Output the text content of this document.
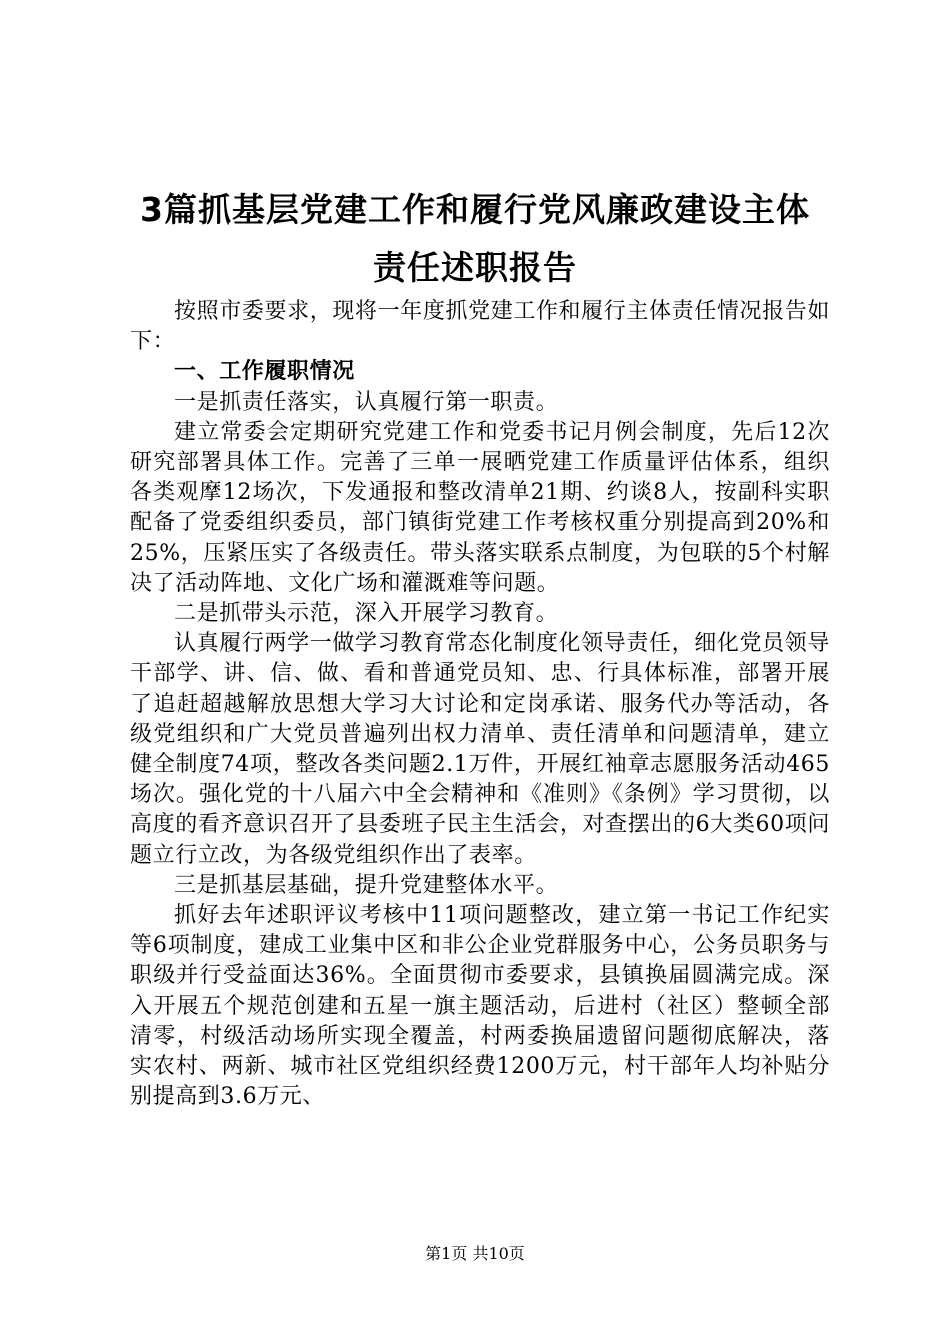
3篇抓基层党建工作和履行党风廉政建设主体
责任述职报告

按照市委要求，现将一年度抓党建工作和履行主体责任情况报告如下：

一、工作履职情况

一是抓责任落实，认真履行第一职责。

建立常委会定期研究党建工作和党委书记月例会制度，先后12次研究部署具体工作。完善了三单一展晒党建工作质量评估体系，组织各类观摩12场次，下发通报和整改清单21期、约谈8人，按副科实职配备了党委组织委员，部门镇街党建工作考核权重分别提高到20%和25%，压紧压实了各级责任。带头落实联系点制度，为包联的5个村解决了活动阵地、文化广场和灌溉难等问题。

二是抓带头示范，深入开展学习教育。

认真履行两学一做学习教育常态化制度化领导责任，细化党员领导干部学、讲、信、做、看和普通党员知、忠、行具体标准，部署开展了追赶超越解放思想大学习大讨论和定岗承诺、服务代办等活动，各级党组织和广大党员普遍列出权力清单、责任清单和问题清单，建立健全制度74项，整改各类问题2.1万件，开展红袖章志愿服务活动465场次。强化党的十八届六中全会精神和《准则》《条例》学习贯彻，以高度的看齐意识召开了县委班子民主生活会，对查摆出的6大类60项问题立行立改，为各级党组织作出了表率。

三是抓基层基础，提升党建整体水平。

抓好去年述职评议考核中11项问题整改，建立第一书记工作纪实等6项制度，建成工业集中区和非公企业党群服务中心，公务员职务与职级并行受益面达36%。全面贯彻市委要求，县镇换届圆满完成。深入开展五个规范创建和五星一旗主题活动，后进村（社区）整顿全部清零，村级活动场所实现全覆盖，村两委换届遗留问题彻底解决，落实农村、两新、城市社区党组织经费1200万元，村干部年人均补贴分别提高到3.6万元、

第1页 共10页
